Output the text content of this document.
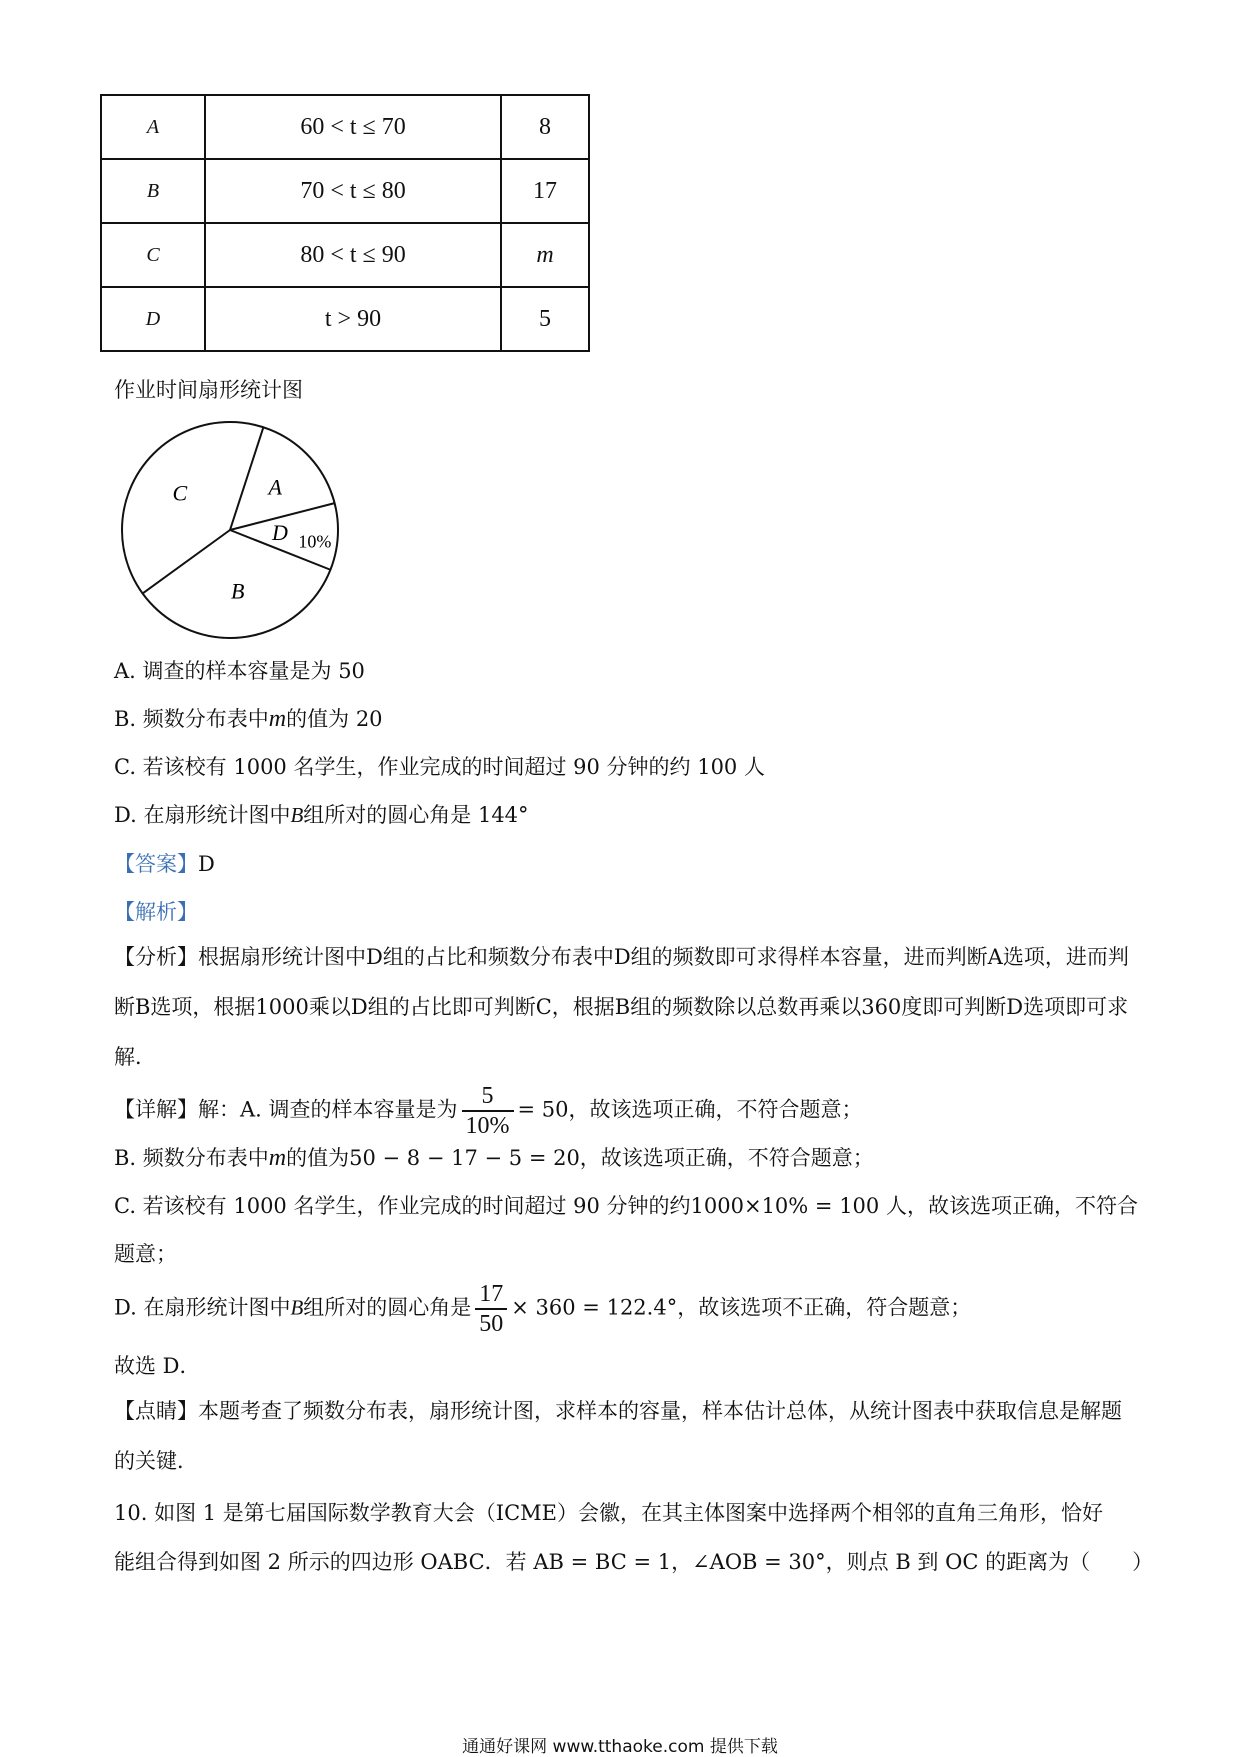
A	60 < t ≤ 70	8
B	70 < t ≤ 80	17
C	80 < t ≤ 90	m
D	t > 90	5
作业时间扇形统计图
A
D 10%
B
C
A. 调查的样本容量是为 50
B. 频数分布表中m的值为 20
C. 若该校有 1000 名学生，作业完成的时间超过 90 分钟的约 100 人
D. 在扇形统计图中B组所对的圆心角是 144°
【答案】D
【解析】
【分析】根据扇形统计图中D组的占比和频数分布表中D组的频数即可求得样本容量，进而判断A选项，进而判断B选项，根据1000乘以D组的占比即可判断C，根据B组的频数除以总数再乘以360度即可判断D选项即可求解．
【详解】解：A. 调查的样本容量是为 $\frac{5}{10\%} = 50$，故该选项正确，不符合题意；
B. 频数分布表中m的值为50 − 8 − 17 − 5 = 20，故该选项正确，不符合题意；
C. 若该校有 1000 名学生，作业完成的时间超过 90 分钟的约1000×10% = 100 人，故该选项正确，不符合
题意；
D. 在扇形统计图中B组所对的圆心角是 $\frac{17}{50} \times 360 = 122.4^\circ$，故该选项不正确，符合题意；
故选 D．
【点睛】本题考查了频数分布表，扇形统计图，求样本的容量，样本估计总体，从统计图表中获取信息是解题的关键．
10. 如图 1 是第七届国际数学教育大会（ICME）会徽，在其主体图案中选择两个相邻的直角三角形，恰好
能组合得到如图 2 所示的四边形 OABC．若 AB = BC = 1，∠AOB = 30°，则点 B 到 OC 的距离为（　　）
通通好课网 www.tthaoke.com 提供下载
